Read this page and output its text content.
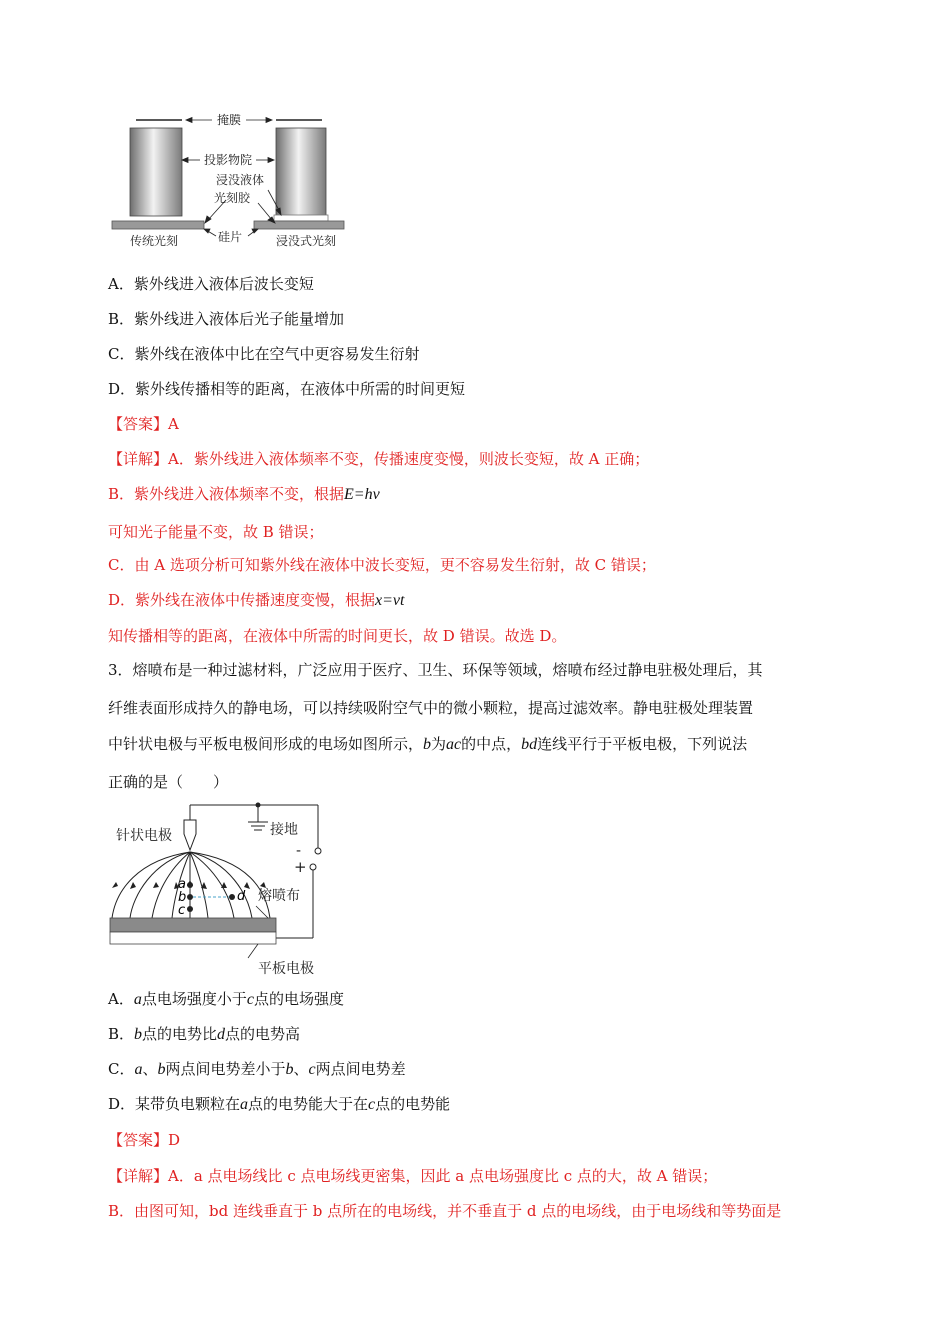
掩膜
投影物院
浸没液体
光刻胶
硅片
传统光刻	浸没式光刻
A．紫外线进入液体后波长变短
B．紫外线进入液体后光子能量增加
C．紫外线在液体中比在空气中更容易发生衍射
D．紫外线传播相等的距离，在液体中所需的时间更短
【答案】A
【详解】A．紫外线进入液体频率不变，传播速度变慢，则波长变短，故 A 正确；
B．紫外线进入液体频率不变，根据E=hν
可知光子能量不变，故 B 错误；
C．由 A 选项分析可知紫外线在液体中波长变短，更不容易发生衍射，故 C 错误；
D．紫外线在液体中传播速度变慢，根据x=vt
知传播相等的距离，在液体中所需的时间更长，故 D 错误。故选 D。
3．熔喷布是一种过滤材料，广泛应用于医疗、卫生、环保等领域，熔喷布经过静电驻极处理后，其
纤维表面形成持久的静电场，可以持续吸附空气中的微小颗粒，提高过滤效率。静电驻极处理装置
中针状电极与平板电极间形成的电场如图所示，b为ac的中点，bd连线平行于平板电极，下列说法
正确的是（　　）
a
b
c
d
针状电极	接地
-
+
熔喷布
平板电极
A．a点电场强度小于c点的电场强度
B．b点的电势比d点的电势高
C．a、b两点间电势差小于b、c两点间电势差
D．某带负电颗粒在a点的电势能大于在c点的电势能
【答案】D
【详解】A．a 点电场线比 c 点电场线更密集，因此 a 点电场强度比 c 点的大，故 A 错误；
B．由图可知，bd 连线垂直于 b 点所在的电场线，并不垂直于 d 点的电场线，由于电场线和等势面是
